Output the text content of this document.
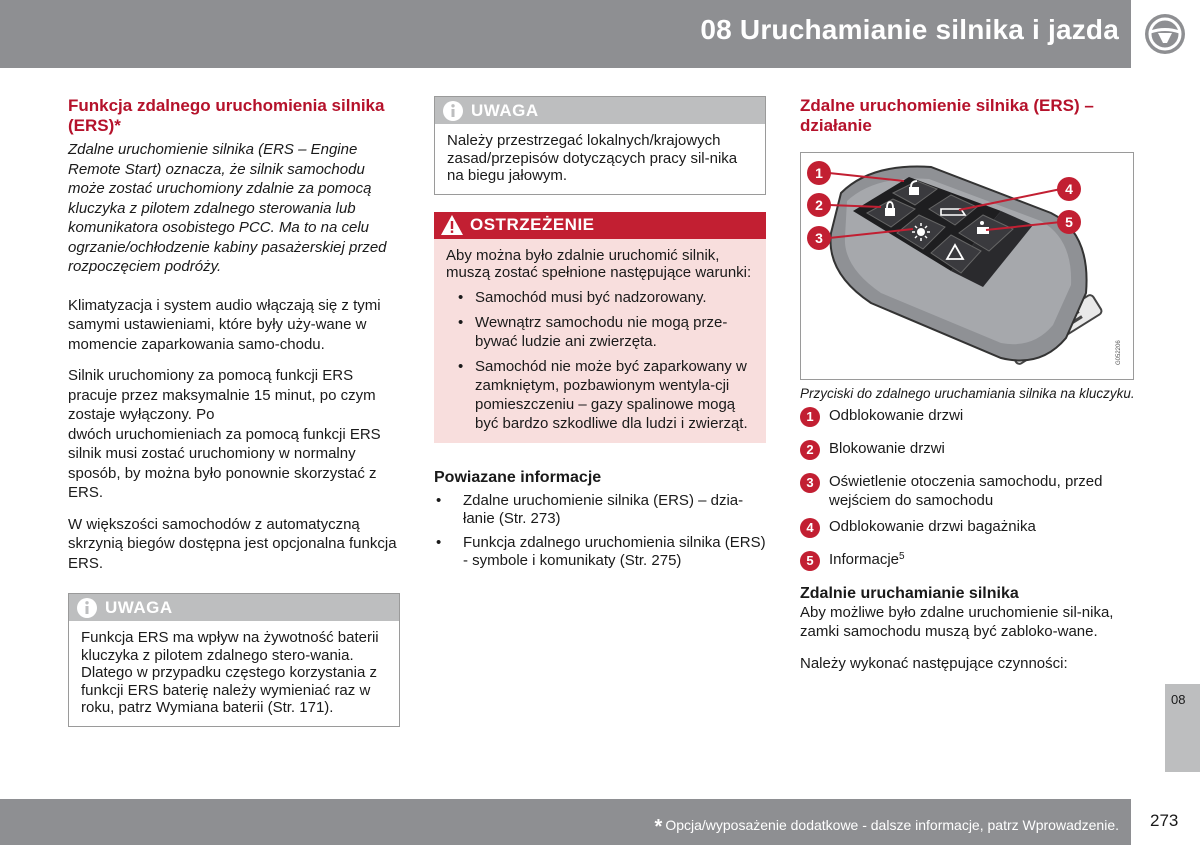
08 Uruchamianie silnika i jazda
Funkcja zdalnego uruchomienia silnika (ERS)*
Zdalne uruchomienie silnika (ERS – Engine Remote Start) oznacza, że silnik samochodu może zostać uruchomiony zdalnie za pomocą kluczyka z pilotem zdalnego sterowania lub komunikatora osobistego PCC. Ma to na celu ogrzanie/ochłodzenie kabiny pasażerskiej przed rozpoczęciem podróży.
Klimatyzacja i system audio włączają się z tymi samymi ustawieniami, które były uży-wane w momencie zaparkowania samo-chodu.
Silnik uruchomiony za pomocą funkcji ERS pracuje przez maksymalnie 15 minut, po czym zostaje wyłączony. Po
dwóch uruchomieniach za pomocą funkcji ERS silnik musi zostać uruchomiony w normalny sposób, by można było ponownie skorzystać z ERS.
W większości samochodów z automatyczną skrzynią biegów dostępna jest opcjonalna funkcja ERS.
UWAGA
Funkcja ERS ma wpływ na żywotność baterii kluczyka z pilotem zdalnego stero-wania. Dlatego w przypadku częstego korzystania z funkcji ERS baterię należy wymieniać raz w roku, patrz Wymiana baterii (Str. 171).
UWAGA
Należy przestrzegać lokalnych/krajowych zasad/przepisów dotyczących pracy sil-nika na biegu jałowym.
OSTRZEŻENIE
Aby można było zdalnie uruchomić silnik, muszą zostać spełnione następujące warunki:
• Samochód musi być nadzorowany.
• Wewnątrz samochodu nie mogą prze-bywać ludzie ani zwierzęta.
• Samochód nie może być zaparkowany w zamkniętym, pozbawionym wentyla-cji pomieszczeniu – gazy spalinowe mogą być bardzo szkodliwe dla ludzi i zwierząt.
Powiazane informacje
• Zdalne uruchomienie silnika (ERS) – dzia-łanie (Str. 273)
• Funkcja zdalnego uruchomienia silnika (ERS) - symbole i komunikaty (Str. 275)
Zdalne uruchomienie silnika (ERS) – działanie
G052206
1
2
3
4
5
Przyciski do zdalnego uruchamiania silnika na kluczyku.
1	Odblokowanie drzwi
2	Blokowanie drzwi
3	Oświetlenie otoczenia samochodu, przed wejściem do samochodu
4	Odblokowanie drzwi bagażnika
5	Informacje$^5$
Zdalnie uruchamianie silnika
Aby możliwe było zdalne uruchomienie sil-nika, zamki samochodu muszą być zabloko-wane.
Należy wykonać następujące czynności:
08
* Opcja/wyposażenie dodatkowe - dalsze informacje, patrz Wprowadzenie. 273
